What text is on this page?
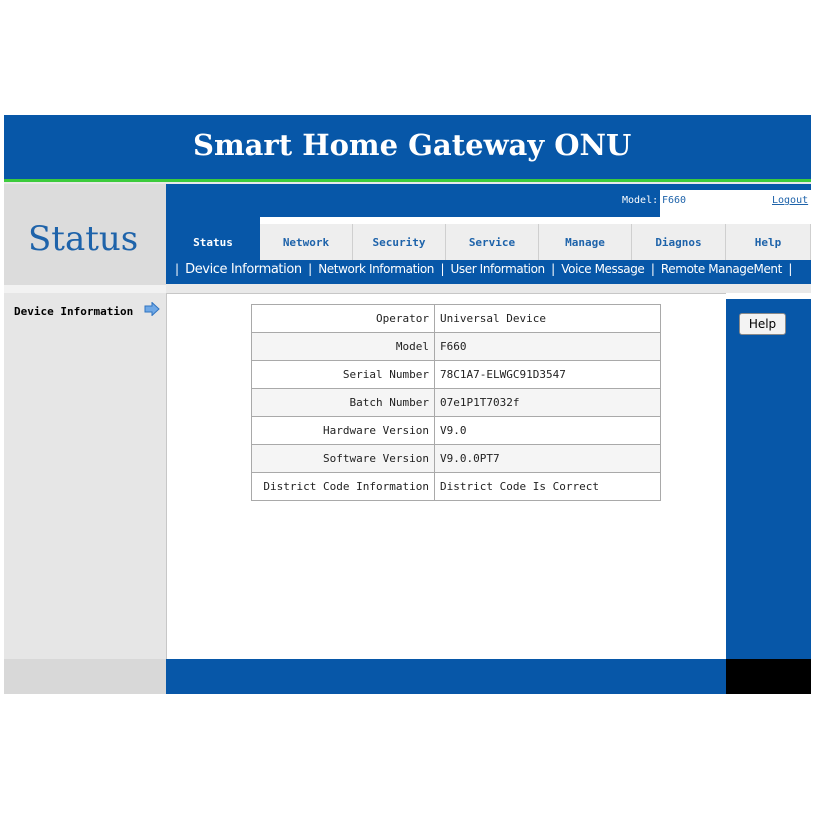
Smart Home Gateway ONU
Status
Device Information
Model: F660	Logout
Status	Network	Security	Service	Manage	Diagnos	Help
| Device Information | Network Information | User Information | Voice Message | Remote ManageMent |
Operator	Universal Device
Model	F660
Serial Number	78C1A7-ELWGC91D3547
Batch Number	07e1P1T7032f
Hardware Version	V9.0
Software Version	V9.0.0PT7
District Code Information	District Code Is Correct
Help
